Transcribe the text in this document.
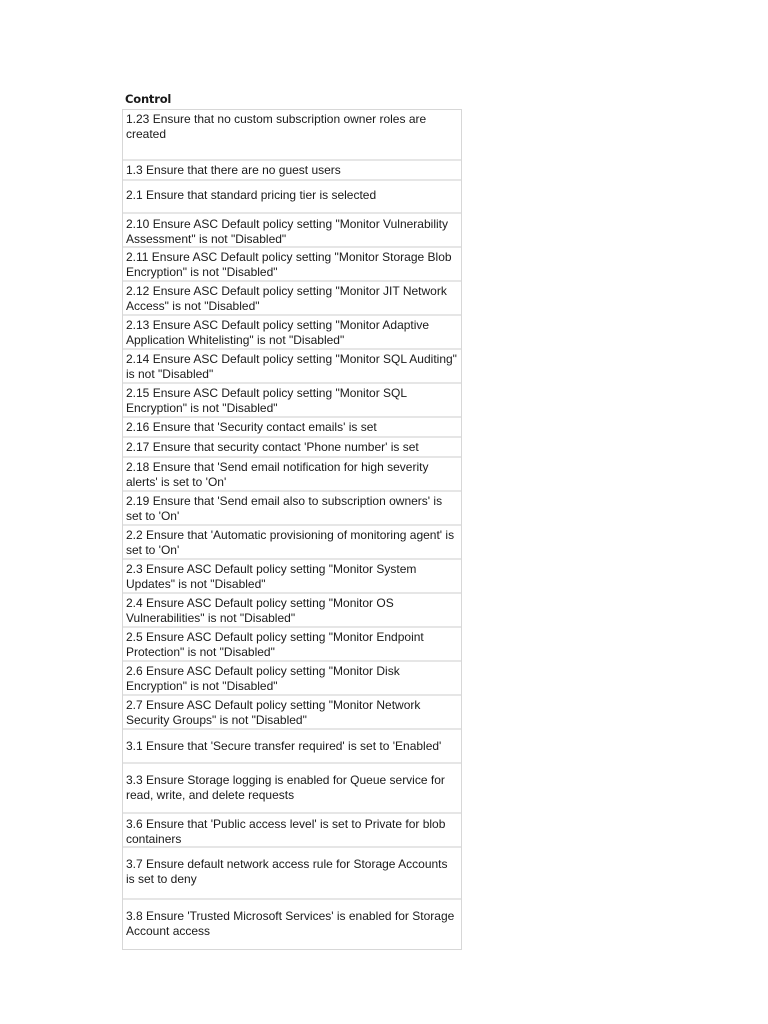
Control
1.23 Ensure that no custom subscription owner roles are created
1.3 Ensure that there are no guest users
2.1 Ensure that standard pricing tier is selected
2.10 Ensure ASC Default policy setting "Monitor Vulnerability Assessment" is not "Disabled"
2.11 Ensure ASC Default policy setting "Monitor Storage Blob Encryption" is not "Disabled"
2.12 Ensure ASC Default policy setting "Monitor JIT Network Access" is not "Disabled"
2.13 Ensure ASC Default policy setting "Monitor Adaptive Application Whitelisting" is not "Disabled"
2.14 Ensure ASC Default policy setting "Monitor SQL Auditing" is not "Disabled"
2.15 Ensure ASC Default policy setting "Monitor SQL Encryption" is not "Disabled"
2.16 Ensure that 'Security contact emails' is set
2.17 Ensure that security contact 'Phone number' is set
2.18 Ensure that 'Send email notification for high severity alerts' is set to 'On'
2.19 Ensure that 'Send email also to subscription owners' is set to 'On'
2.2 Ensure that 'Automatic provisioning of monitoring agent' is set to 'On'
2.3 Ensure ASC Default policy setting "Monitor System Updates" is not "Disabled"
2.4 Ensure ASC Default policy setting "Monitor OS Vulnerabilities" is not "Disabled"
2.5 Ensure ASC Default policy setting "Monitor Endpoint Protection" is not "Disabled"
2.6 Ensure ASC Default policy setting "Monitor Disk Encryption" is not "Disabled"
2.7 Ensure ASC Default policy setting "Monitor Network Security Groups" is not "Disabled"
3.1 Ensure that 'Secure transfer required' is set to 'Enabled'
3.3 Ensure Storage logging is enabled for Queue service for read, write, and delete requests
3.6 Ensure that 'Public access level' is set to Private for blob containers
3.7 Ensure default network access rule for Storage Accounts is set to deny
3.8 Ensure 'Trusted Microsoft Services' is enabled for Storage Account access
